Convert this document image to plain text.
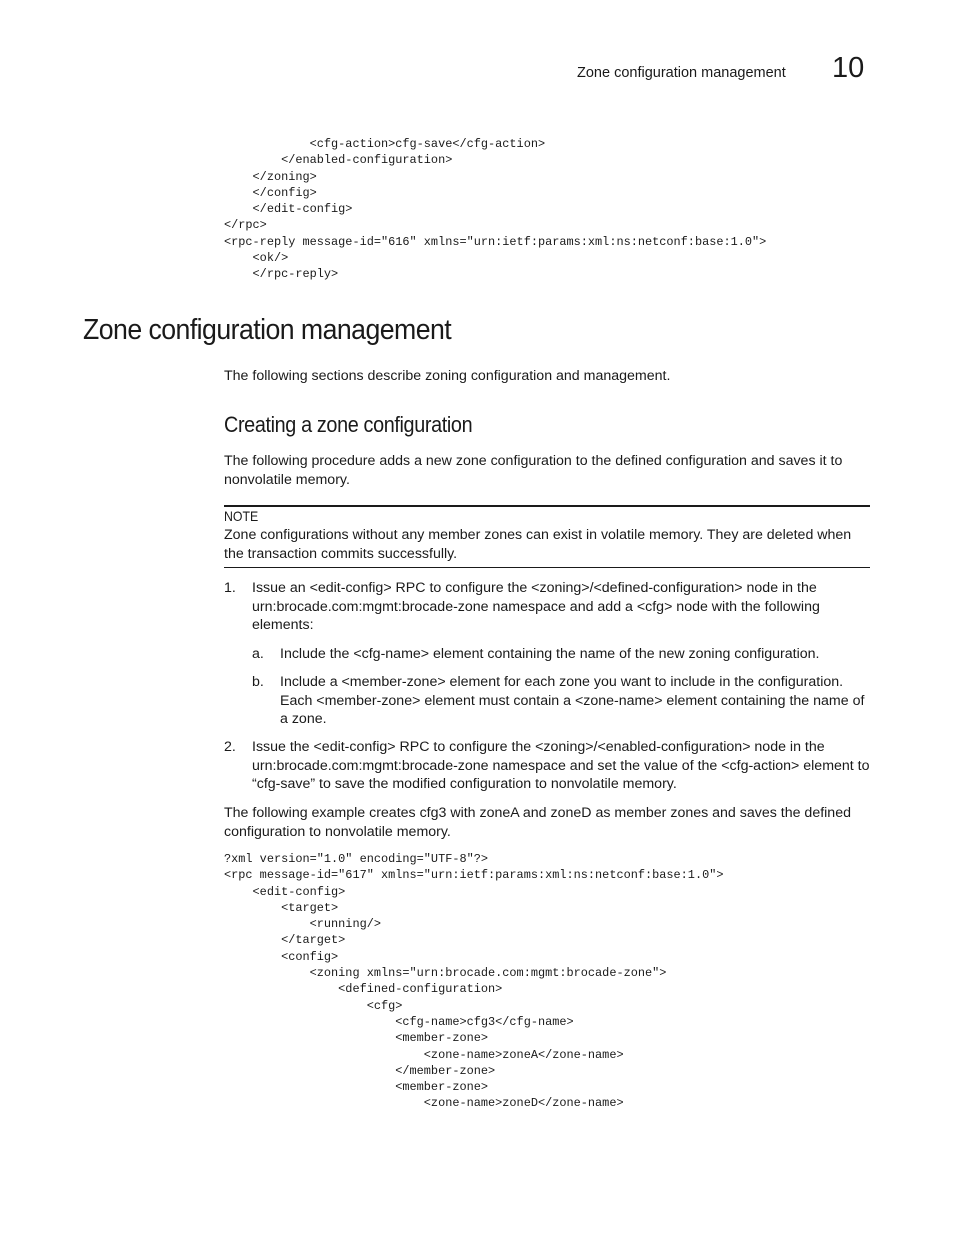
Zone configuration management 10
<cfg-action>cfg-save</cfg-action>
</enabled-configuration>
</zoning>
</config>
</edit-config>
</rpc>
<rpc-reply message-id="616" xmlns="urn:ietf:params:xml:ns:netconf:base:1.0">
<ok/>
</rpc-reply>
Zone configuration management

The following sections describe zoning configuration and management.

Creating a zone configuration

The following procedure adds a new zone configuration to the defined configuration and saves it to nonvolatile memory.

NOTE

Zone configurations without any member zones can exist in volatile memory. They are deleted when the transaction commits successfully.

1. Issue an <edit-config> RPC to configure the <zoning>/<defined-configuration> node in the urn:brocade.com:mgmt:brocade-zone namespace and add a <cfg> node with the following elements:

a. Include the <cfg-name> element containing the name of the new zoning configuration.

b. Include a <member-zone> element for each zone you want to include in the configuration. Each <member-zone> element must contain a <zone-name> element containing the name of a zone.

2. Issue the <edit-config> RPC to configure the <zoning>/<enabled-configuration> node in the urn:brocade.com:mgmt:brocade-zone namespace and set the value of the <cfg-action> element to “cfg-save” to save the modified configuration to nonvolatile memory.

The following example creates cfg3 with zoneA and zoneD as member zones and saves the defined configuration to nonvolatile memory.

?xml version="1.0" encoding="UTF-8"?>
<rpc message-id="617" xmlns="urn:ietf:params:xml:ns:netconf:base:1.0">
<edit-config>
<target>
<running/>
</target>
<config>
<zoning xmlns="urn:brocade.com:mgmt:brocade-zone">
<defined-configuration>
<cfg>
<cfg-name>cfg3</cfg-name>
<member-zone>
<zone-name>zoneA</zone-name>
</member-zone>
<member-zone>
<zone-name>zoneD</zone-name>
